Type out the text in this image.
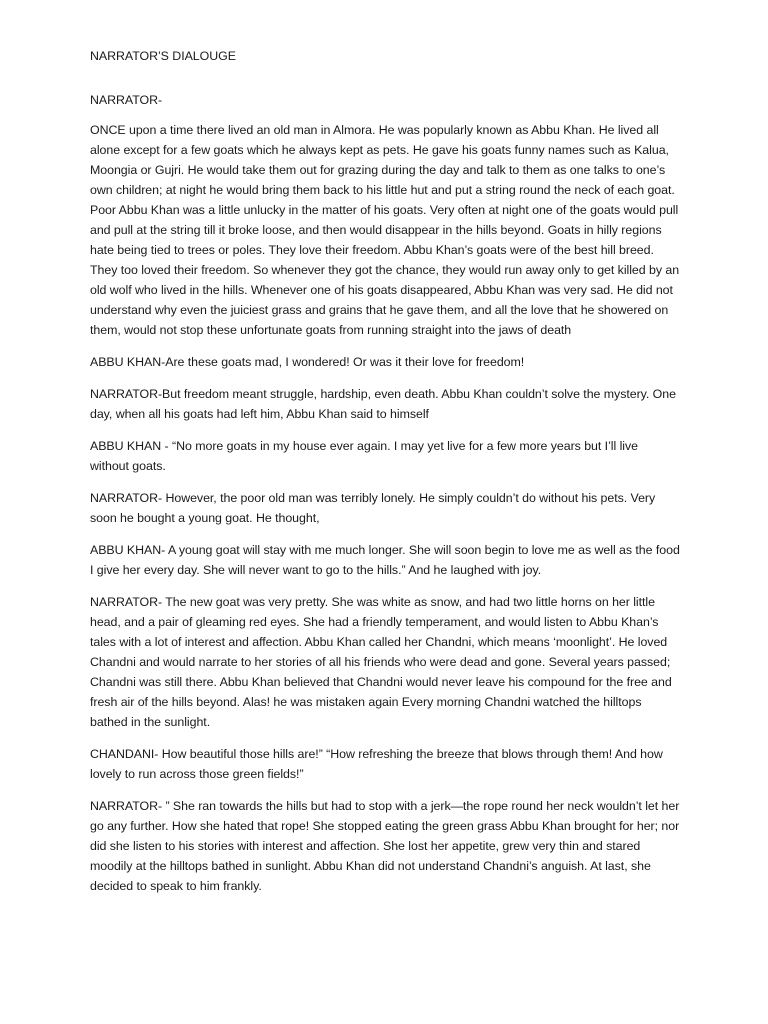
NARRATOR’S DIALOUGE

NARRATOR-

ONCE upon a time there lived an old man in Almora. He was popularly known as Abbu Khan. He lived all alone except for a few goats which he always kept as pets. He gave his goats funny names such as Kalua, Moongia or Gujri. He would take them out for grazing during the day and talk to them as one talks to one’s own children; at night he would bring them back to his little hut and put a string round the neck of each goat. Poor Abbu Khan was a little unlucky in the matter of his goats. Very often at night one of the goats would pull and pull at the string till it broke loose, and then would disappear in the hills beyond. Goats in hilly regions hate being tied to trees or poles. They love their freedom. Abbu Khan’s goats were of the best hill breed. They too loved their freedom. So whenever they got the chance, they would run away only to get killed by an old wolf who lived in the hills. Whenever one of his goats disappeared, Abbu Khan was very sad. He did not understand why even the juiciest grass and grains that he gave them, and all the love that he showered on them, would not stop these unfortunate goats from running straight into the jaws of death

ABBU KHAN-Are these goats mad, I wondered! Or was it their love for freedom!

NARRATOR-But freedom meant struggle, hardship, even death. Abbu Khan couldn’t solve the mystery. One day, when all his goats had left him, Abbu Khan said to himself

ABBU KHAN - “No more goats in my house ever again. I may yet live for a few more years but I’ll live without goats.

NARRATOR- However, the poor old man was terribly lonely. He simply couldn’t do without his pets. Very soon he bought a young goat. He thought,

ABBU KHAN- A young goat will stay with me much longer. She will soon begin to love me as well as the food I give her every day. She will never want to go to the hills.” And he laughed with joy.

NARRATOR- The new goat was very pretty. She was white as snow, and had two little horns on her little head, and a pair of gleaming red eyes. She had a friendly temperament, and would listen to Abbu Khan’s tales with a lot of interest and affection. Abbu Khan called her Chandni, which means ‘moonlight’. He loved Chandni and would narrate to her stories of all his friends who were dead and gone. Several years passed; Chandni was still there. Abbu Khan believed that Chandni would never leave his compound for the free and fresh air of the hills beyond. Alas! he was mistaken again Every morning Chandni watched the hilltops bathed in the sunlight.

CHANDANI- How beautiful those hills are!” “How refreshing the breeze that blows through them! And how lovely to run across those green fields!”

NARRATOR- ” She ran towards the hills but had to stop with a jerk—the rope round her neck wouldn’t let her go any further. How she hated that rope! She stopped eating the green grass Abbu Khan brought for her; nor did she listen to his stories with interest and affection. She lost her appetite, grew very thin and stared moodily at the hilltops bathed in sunlight. Abbu Khan did not understand Chandni’s anguish. At last, she decided to speak to him frankly.
